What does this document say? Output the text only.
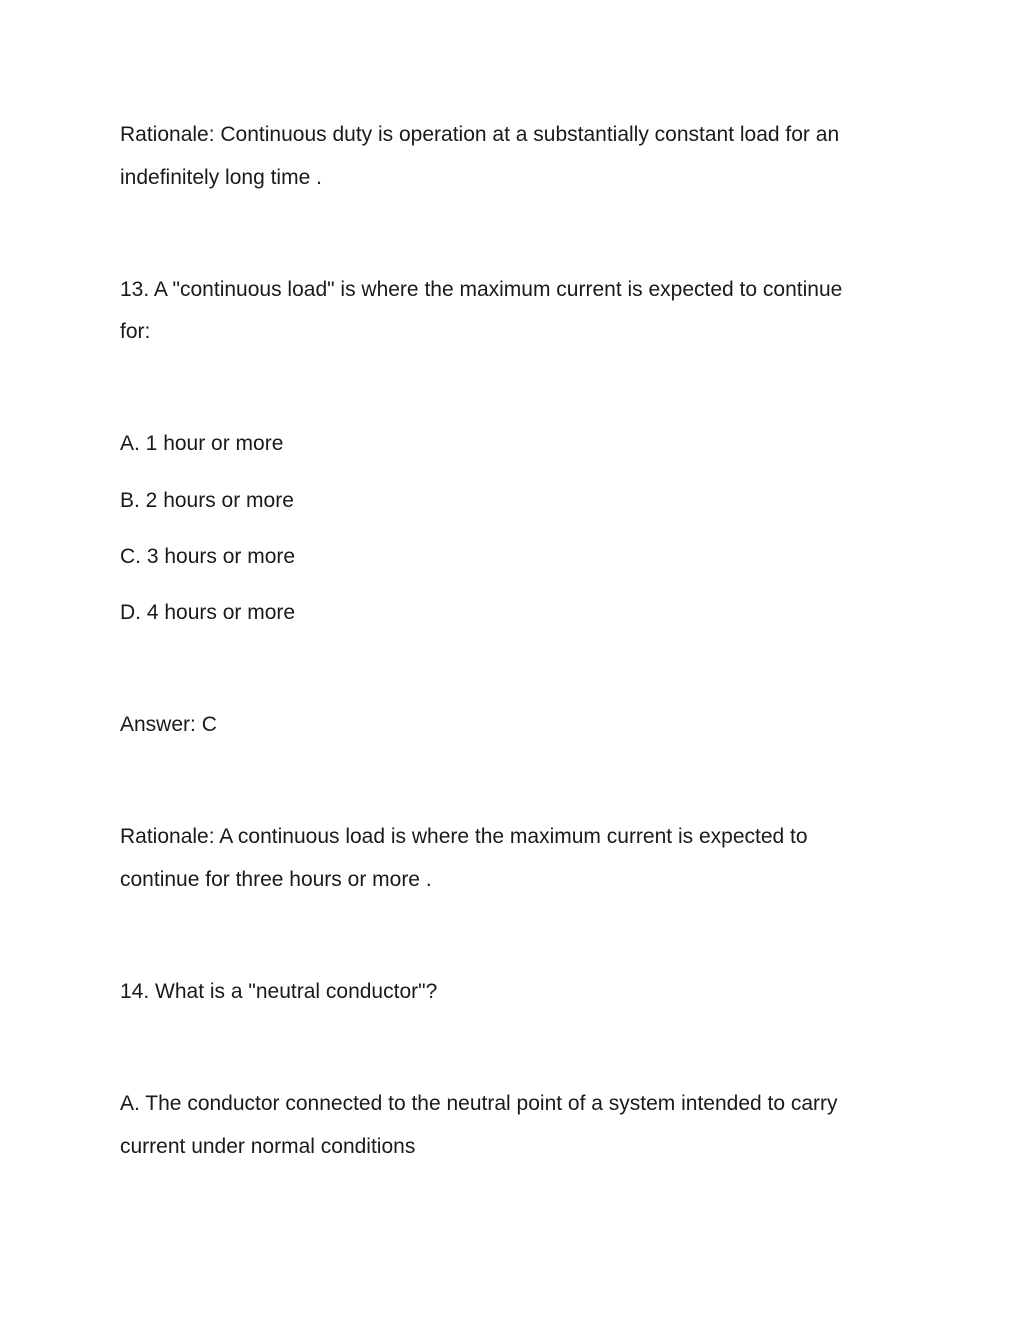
Rationale: Continuous duty is operation at a substantially constant load for an
indefinitely long time .
13. A "continuous load" is where the maximum current is expected to continue
for:
A. 1 hour or more
B. 2 hours or more
C. 3 hours or more
D. 4 hours or more
Answer: C
Rationale: A continuous load is where the maximum current is expected to
continue for three hours or more .
14. What is a "neutral conductor"?
A. The conductor connected to the neutral point of a system intended to carry
current under normal conditions
